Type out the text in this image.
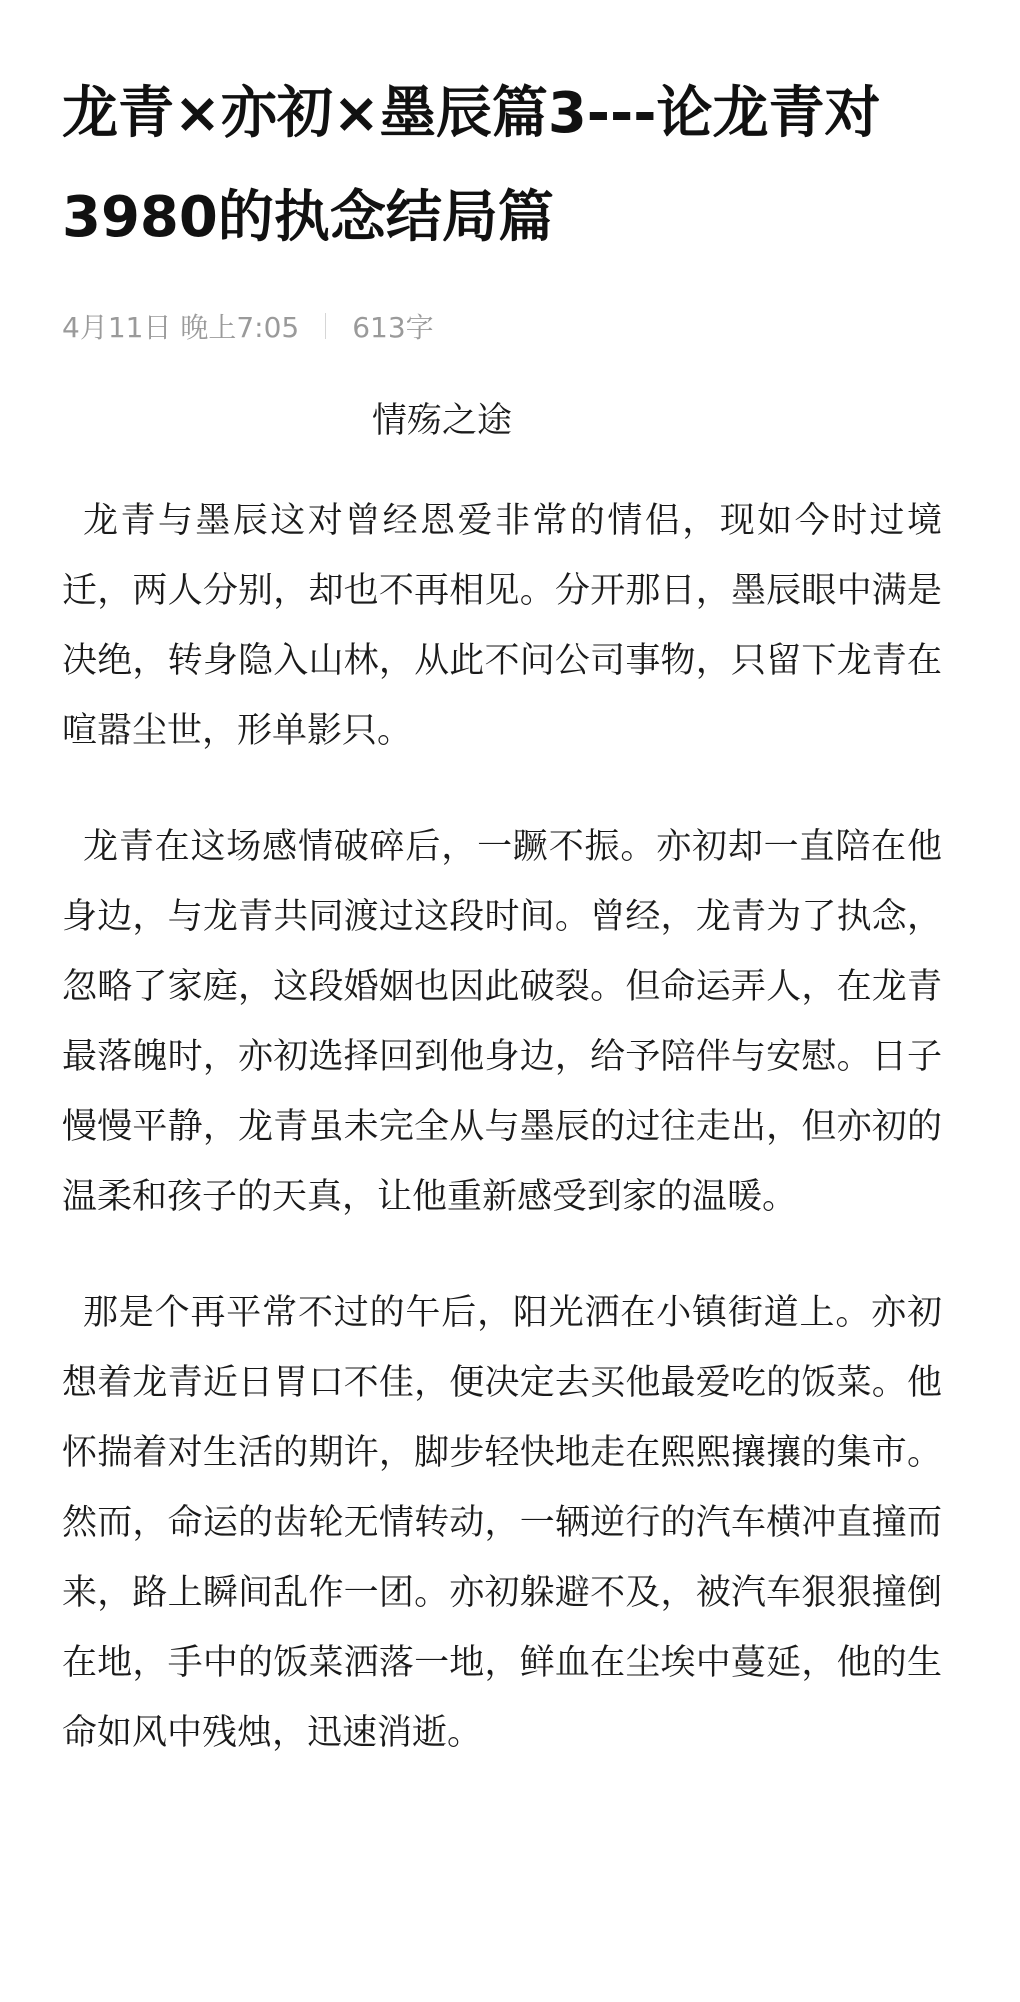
龙青×亦初×墨辰篇3---论龙青对3980的执念结局篇
4月11日 晚上7:05 613字
情殇之途

龙青与墨辰这对曾经恩爱非常的情侣，现如今时过境迁，两人分别，却也不再相见。分开那日，墨辰眼中满是决绝，转身隐入山林，从此不问公司事物，只留下龙青在喧嚣尘世，形单影只。

龙青在这场感情破碎后，一蹶不振。亦初却一直陪在他身边，与龙青共同渡过这段时间。曾经，龙青为了执念，忽略了家庭，这段婚姻也因此破裂。但命运弄人，在龙青最落魄时，亦初选择回到他身边，给予陪伴与安慰。日子慢慢平静，龙青虽未完全从与墨辰的过往走出，但亦初的温柔和孩子的天真，让他重新感受到家的温暖。

那是个再平常不过的午后，阳光洒在小镇街道上。亦初想着龙青近日胃口不佳，便决定去买他最爱吃的饭菜。他怀揣着对生活的期许，脚步轻快地走在熙熙攘攘的集市。然而，命运的齿轮无情转动，一辆逆行的汽车横冲直撞而来，路上瞬间乱作一团。亦初躲避不及，被汽车狠狠撞倒在地，手中的饭菜洒落一地，鲜血在尘埃中蔓延，他的生命如风中残烛，迅速消逝。
